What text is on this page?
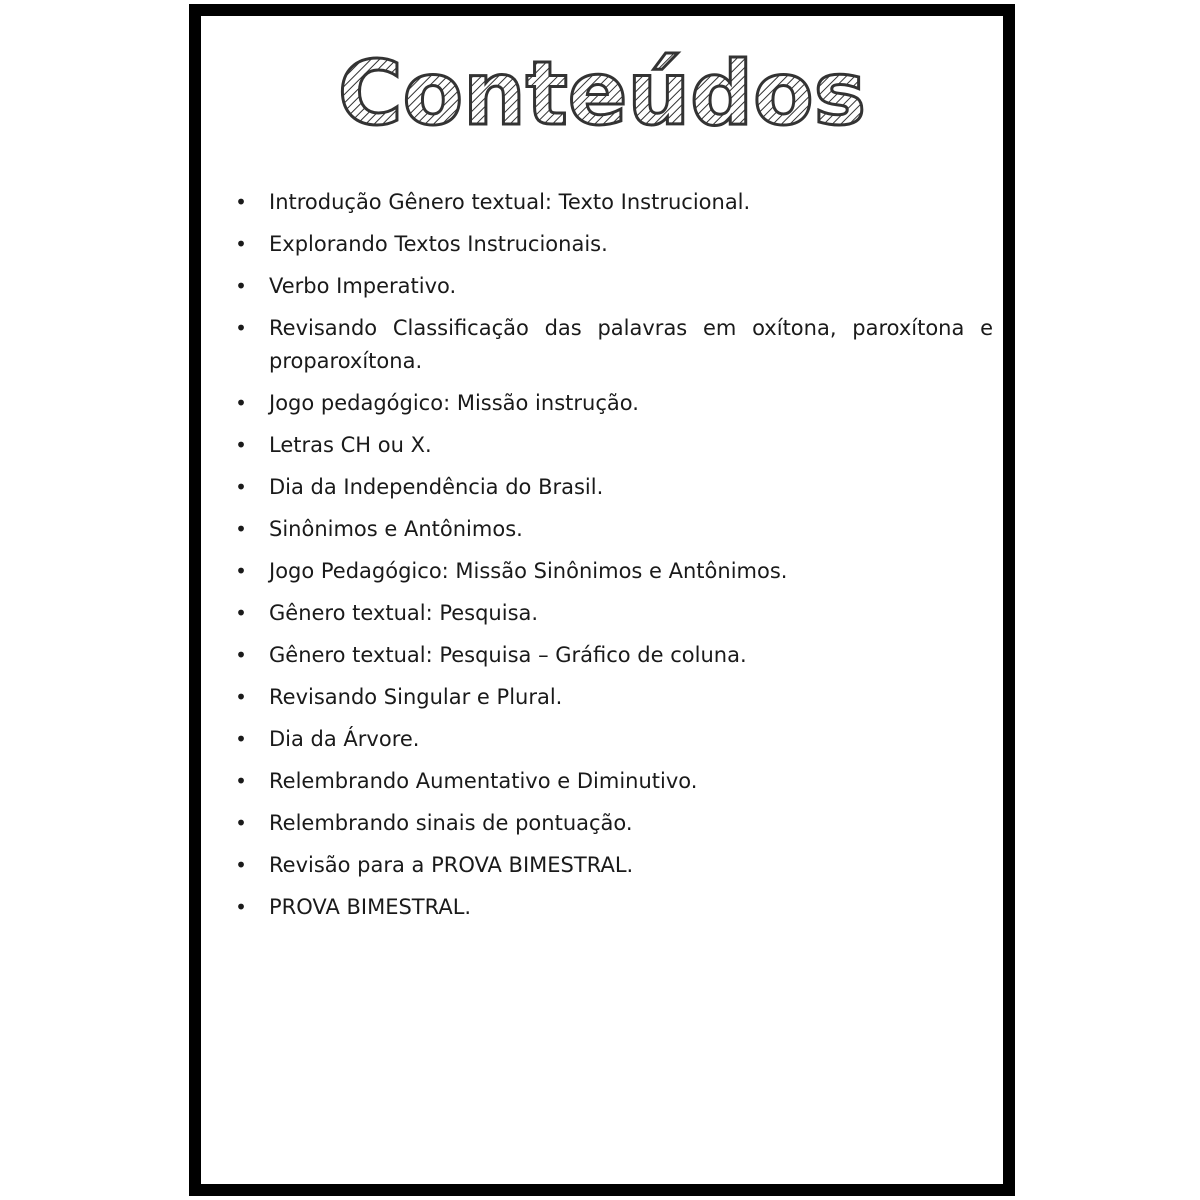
Conteúdos
• Introdução Gênero textual: Texto Instrucional.
• Explorando Textos Instrucionais.
• Verbo Imperativo.
• Revisando Classificação das palavras em oxítona, paroxítona e proparoxítona.
• Jogo pedagógico: Missão instrução.
• Letras CH ou X.
• Dia da Independência do Brasil.
• Sinônimos e Antônimos.
• Jogo Pedagógico: Missão Sinônimos e Antônimos.
• Gênero textual: Pesquisa.
• Gênero textual: Pesquisa – Gráfico de coluna.
• Revisando Singular e Plural.
• Dia da Árvore.
• Relembrando Aumentativo e Diminutivo.
• Relembrando sinais de pontuação.
• Revisão para a PROVA BIMESTRAL.
• PROVA BIMESTRAL.
